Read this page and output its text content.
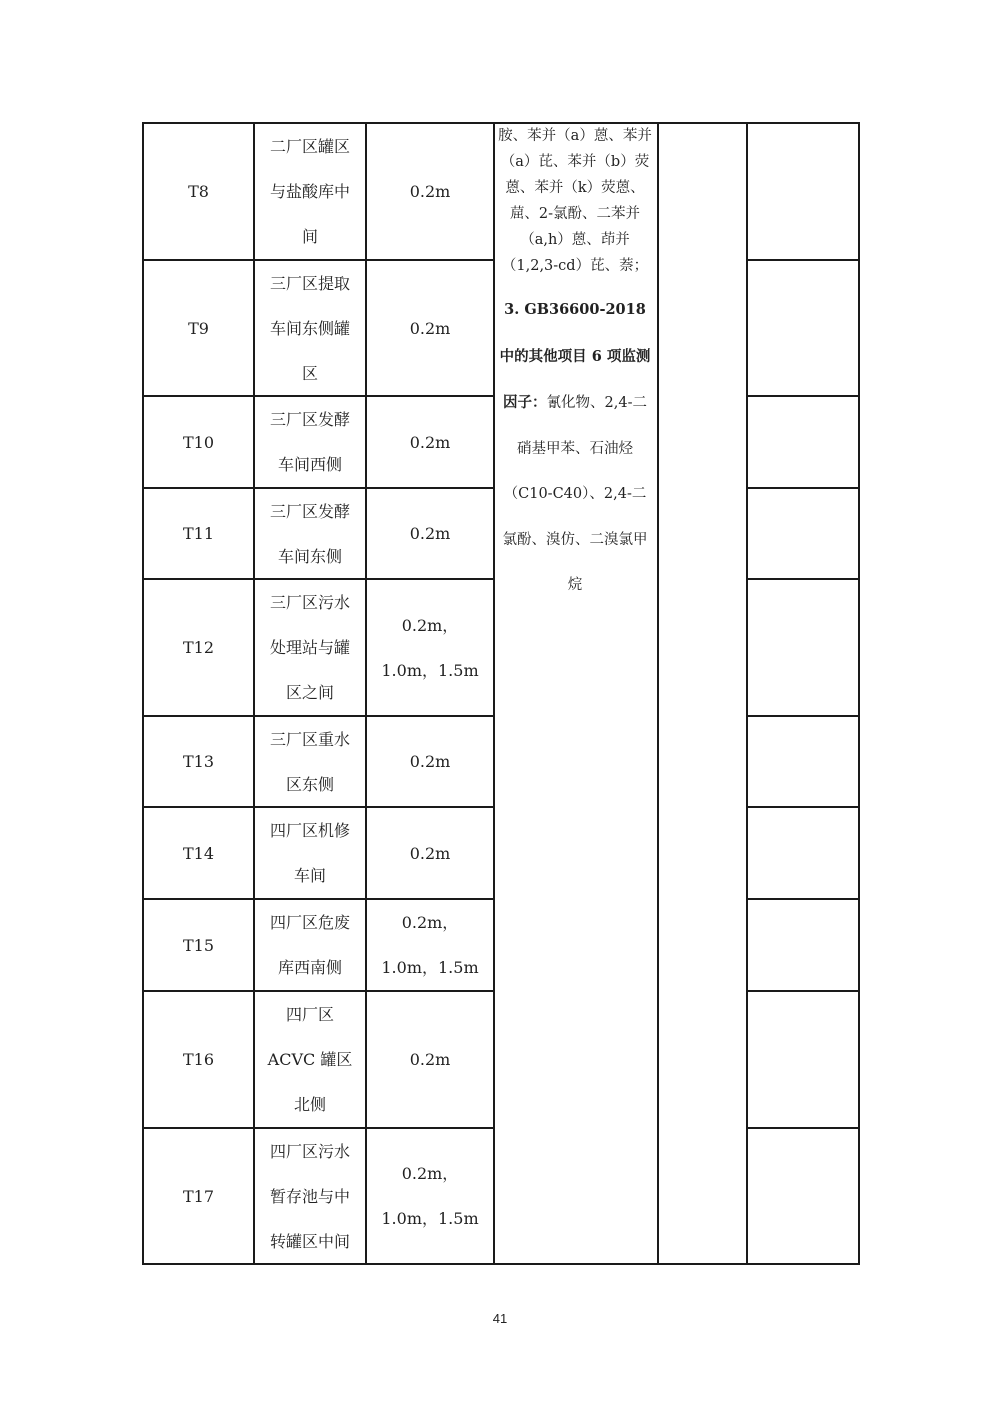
T8
二厂区罐区与盐酸库中间
0.2m
T9
三厂区提取车间东侧罐区
0.2m
T10
三厂区发酵车间西侧
0.2m
T11
三厂区发酵车间东侧
0.2m
T12
三厂区污水处理站与罐区之间
0.2m，1.0m，1.5m
T13
三厂区重水区东侧
0.2m
T14
四厂区机修车间
0.2m
T15
四厂区危废库西南侧
0.2m，1.0m，1.5m
T16
四厂区ACVC 罐区北侧
0.2m
T17
四厂区污水暂存池与中转罐区中间
0.2m，1.0m，1.5m
胺、苯并（a）蒽、苯并（a）芘、苯并（b）荧蒽、苯并（k）荧蒽、䓛、2-氯酚、二苯并（a,h）蒽、茚并（1,2,3-cd）芘、萘；
3. GB36600-2018 中的其他项目 6 项监测因子：氰化物、2,4-二硝基甲苯、石油烃（C10-C40）、2,4-二氯酚、溴仿、二溴氯甲烷
41
